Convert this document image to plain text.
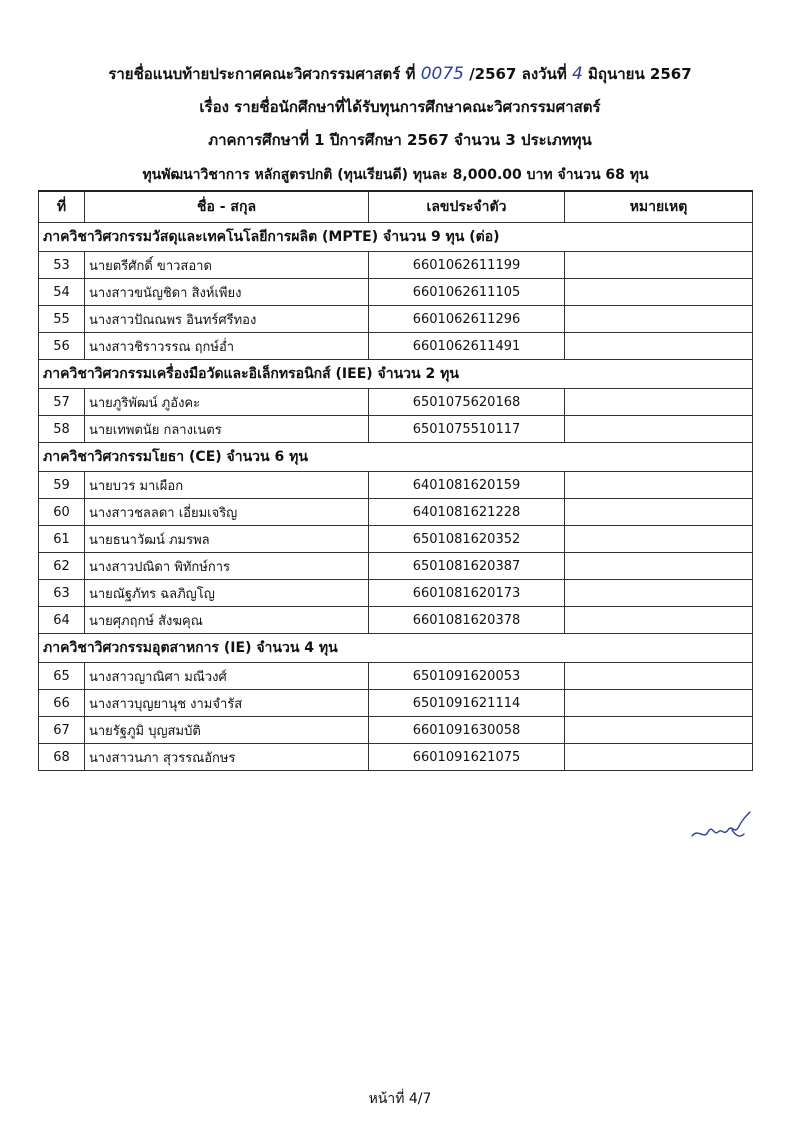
รายชื่อแนบท้ายประกาศคณะวิศวกรรมศาสตร์ ที่ 0075 /2567 ลงวันที่ 4 มิถุนายน 2567
เรื่อง รายชื่อนักศึกษาที่ได้รับทุนการศึกษาคณะวิศวกรรมศาสตร์
ภาคการศึกษาที่ 1 ปีการศึกษา 2567 จำนวน 3 ประเภททุน
ทุนพัฒนาวิชาการ หลักสูตรปกติ (ทุนเรียนดี) ทุนละ 8,000.00 บาท จำนวน 68 ทุน			
ที่	ชื่อ - สกุล	เลขประจำตัว	หมายเหตุ
ภาควิชาวิศวกรรมวัสดุและเทคโนโลยีการผลิต (MPTE) จำนวน 9 ทุน (ต่อ)			
53	นายตรีศักดิ์ ขาวสอาด	6601062611199	
54	นางสาวขนัญชิดา สิงห์เพียง	6601062611105	
55	นางสาวปัณณพร อินทร์ศรีทอง	6601062611296	
56	นางสาวชิราวรรณ ฤกษ์อ่ำ	6601062611491	
ภาควิชาวิศวกรรมเครื่องมือวัดและอิเล็กทรอนิกส์ (IEE) จำนวน 2 ทุน			
57	นายภูริพัฒน์ ภูอังคะ	6501075620168	
58	นายเทพตนัย กลางเนตร	6501075510117	
ภาควิชาวิศวกรรมโยธา (CE) จำนวน 6 ทุน			
59	นายบวร มาเผือก	6401081620159	
60	นางสาวชลลดา เอี่ยมเจริญ	6401081621228	
61	นายธนาวัฒน์ ภมรพล	6501081620352	
62	นางสาวปณิดา พิทักษ์การ	6501081620387	
63	นายณัฐภัทร ฉลภิญโญ	6601081620173	
64	นายศุภฤกษ์ สังฆคุณ	6601081620378	
ภาควิชาวิศวกรรมอุตสาหการ (IE) จำนวน 4 ทุน			
65	นางสาวญาณิศา มณีวงศ์	6501091620053	
66	นางสาวบุญยานุช งามจำรัส	6501091621114	
67	นายรัฐภูมิ บุญสมบัติ	6601091630058	
68	นางสาวนภา สุวรรณอักษร	6601091621075	
หน้าที่ 4/7
